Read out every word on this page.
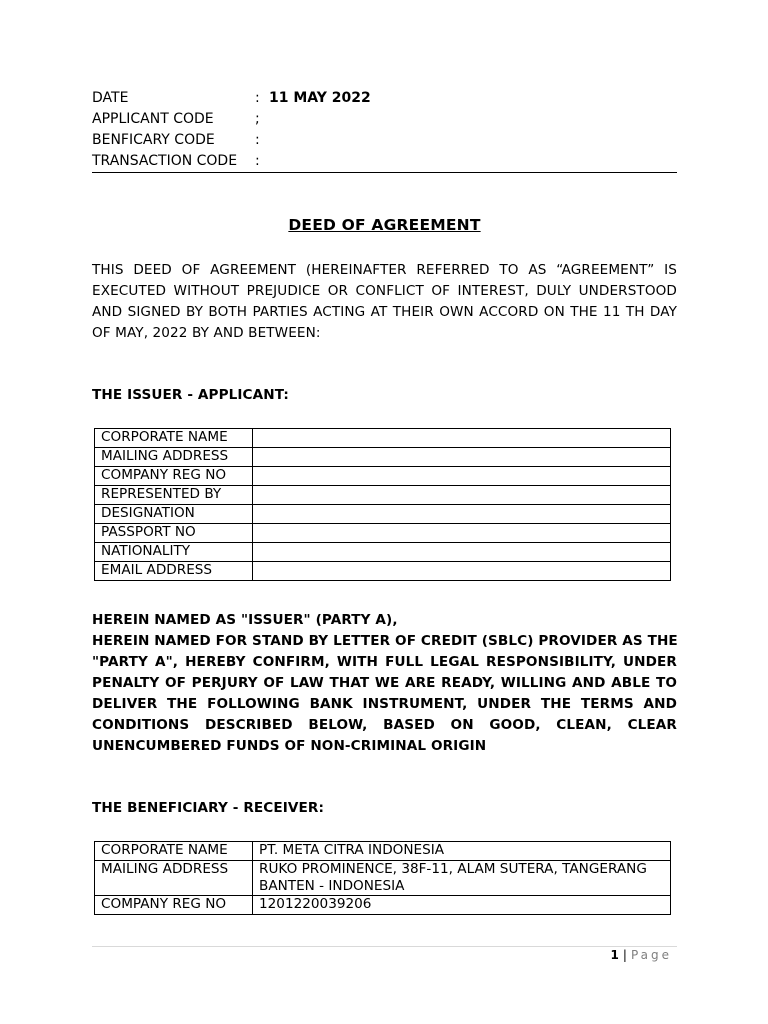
DATE	: 11 MAY 2022
APPLICANT CODE	;
BENFICARY CODE	:
TRANSACTION CODE	:
DEED OF AGREEMENT
THIS DEED OF AGREEMENT (HEREINAFTER REFERRED TO AS “AGREEMENT” IS
EXECUTED WITHOUT PREJUDICE OR CONFLICT OF INTEREST, DULY UNDERSTOOD
AND SIGNED BY BOTH PARTIES ACTING AT THEIR OWN ACCORD ON THE 11 TH DAY
OF MAY, 2022 BY AND BETWEEN:
THE ISSUER - APPLICANT:
CORPORATE NAME	
MAILING ADDRESS	
COMPANY REG NO	
REPRESENTED BY	
DESIGNATION	
PASSPORT NO	
NATIONALITY	
EMAIL ADDRESS	
HEREIN NAMED AS "ISSUER" (PARTY A),
HEREIN NAMED FOR STAND BY LETTER OF CREDIT (SBLC) PROVIDER AS THE
"PARTY A", HEREBY CONFIRM, WITH FULL LEGAL RESPONSIBILITY, UNDER
PENALTY OF PERJURY OF LAW THAT WE ARE READY, WILLING AND ABLE TO
DELIVER THE FOLLOWING BANK INSTRUMENT, UNDER THE TERMS AND
CONDITIONS DESCRIBED BELOW, BASED ON GOOD, CLEAN, CLEAR
UNENCUMBERED FUNDS OF NON-CRIMINAL ORIGIN
THE BENEFICIARY - RECEIVER:
CORPORATE NAME	PT. META CITRA INDONESIA
MAILING ADDRESS	RUKO PROMINENCE, 38F-11, ALAM SUTERA, TANGERANG
BANTEN - INDONESIA

COMPANY REG NO	1201220039206
1 | Page
